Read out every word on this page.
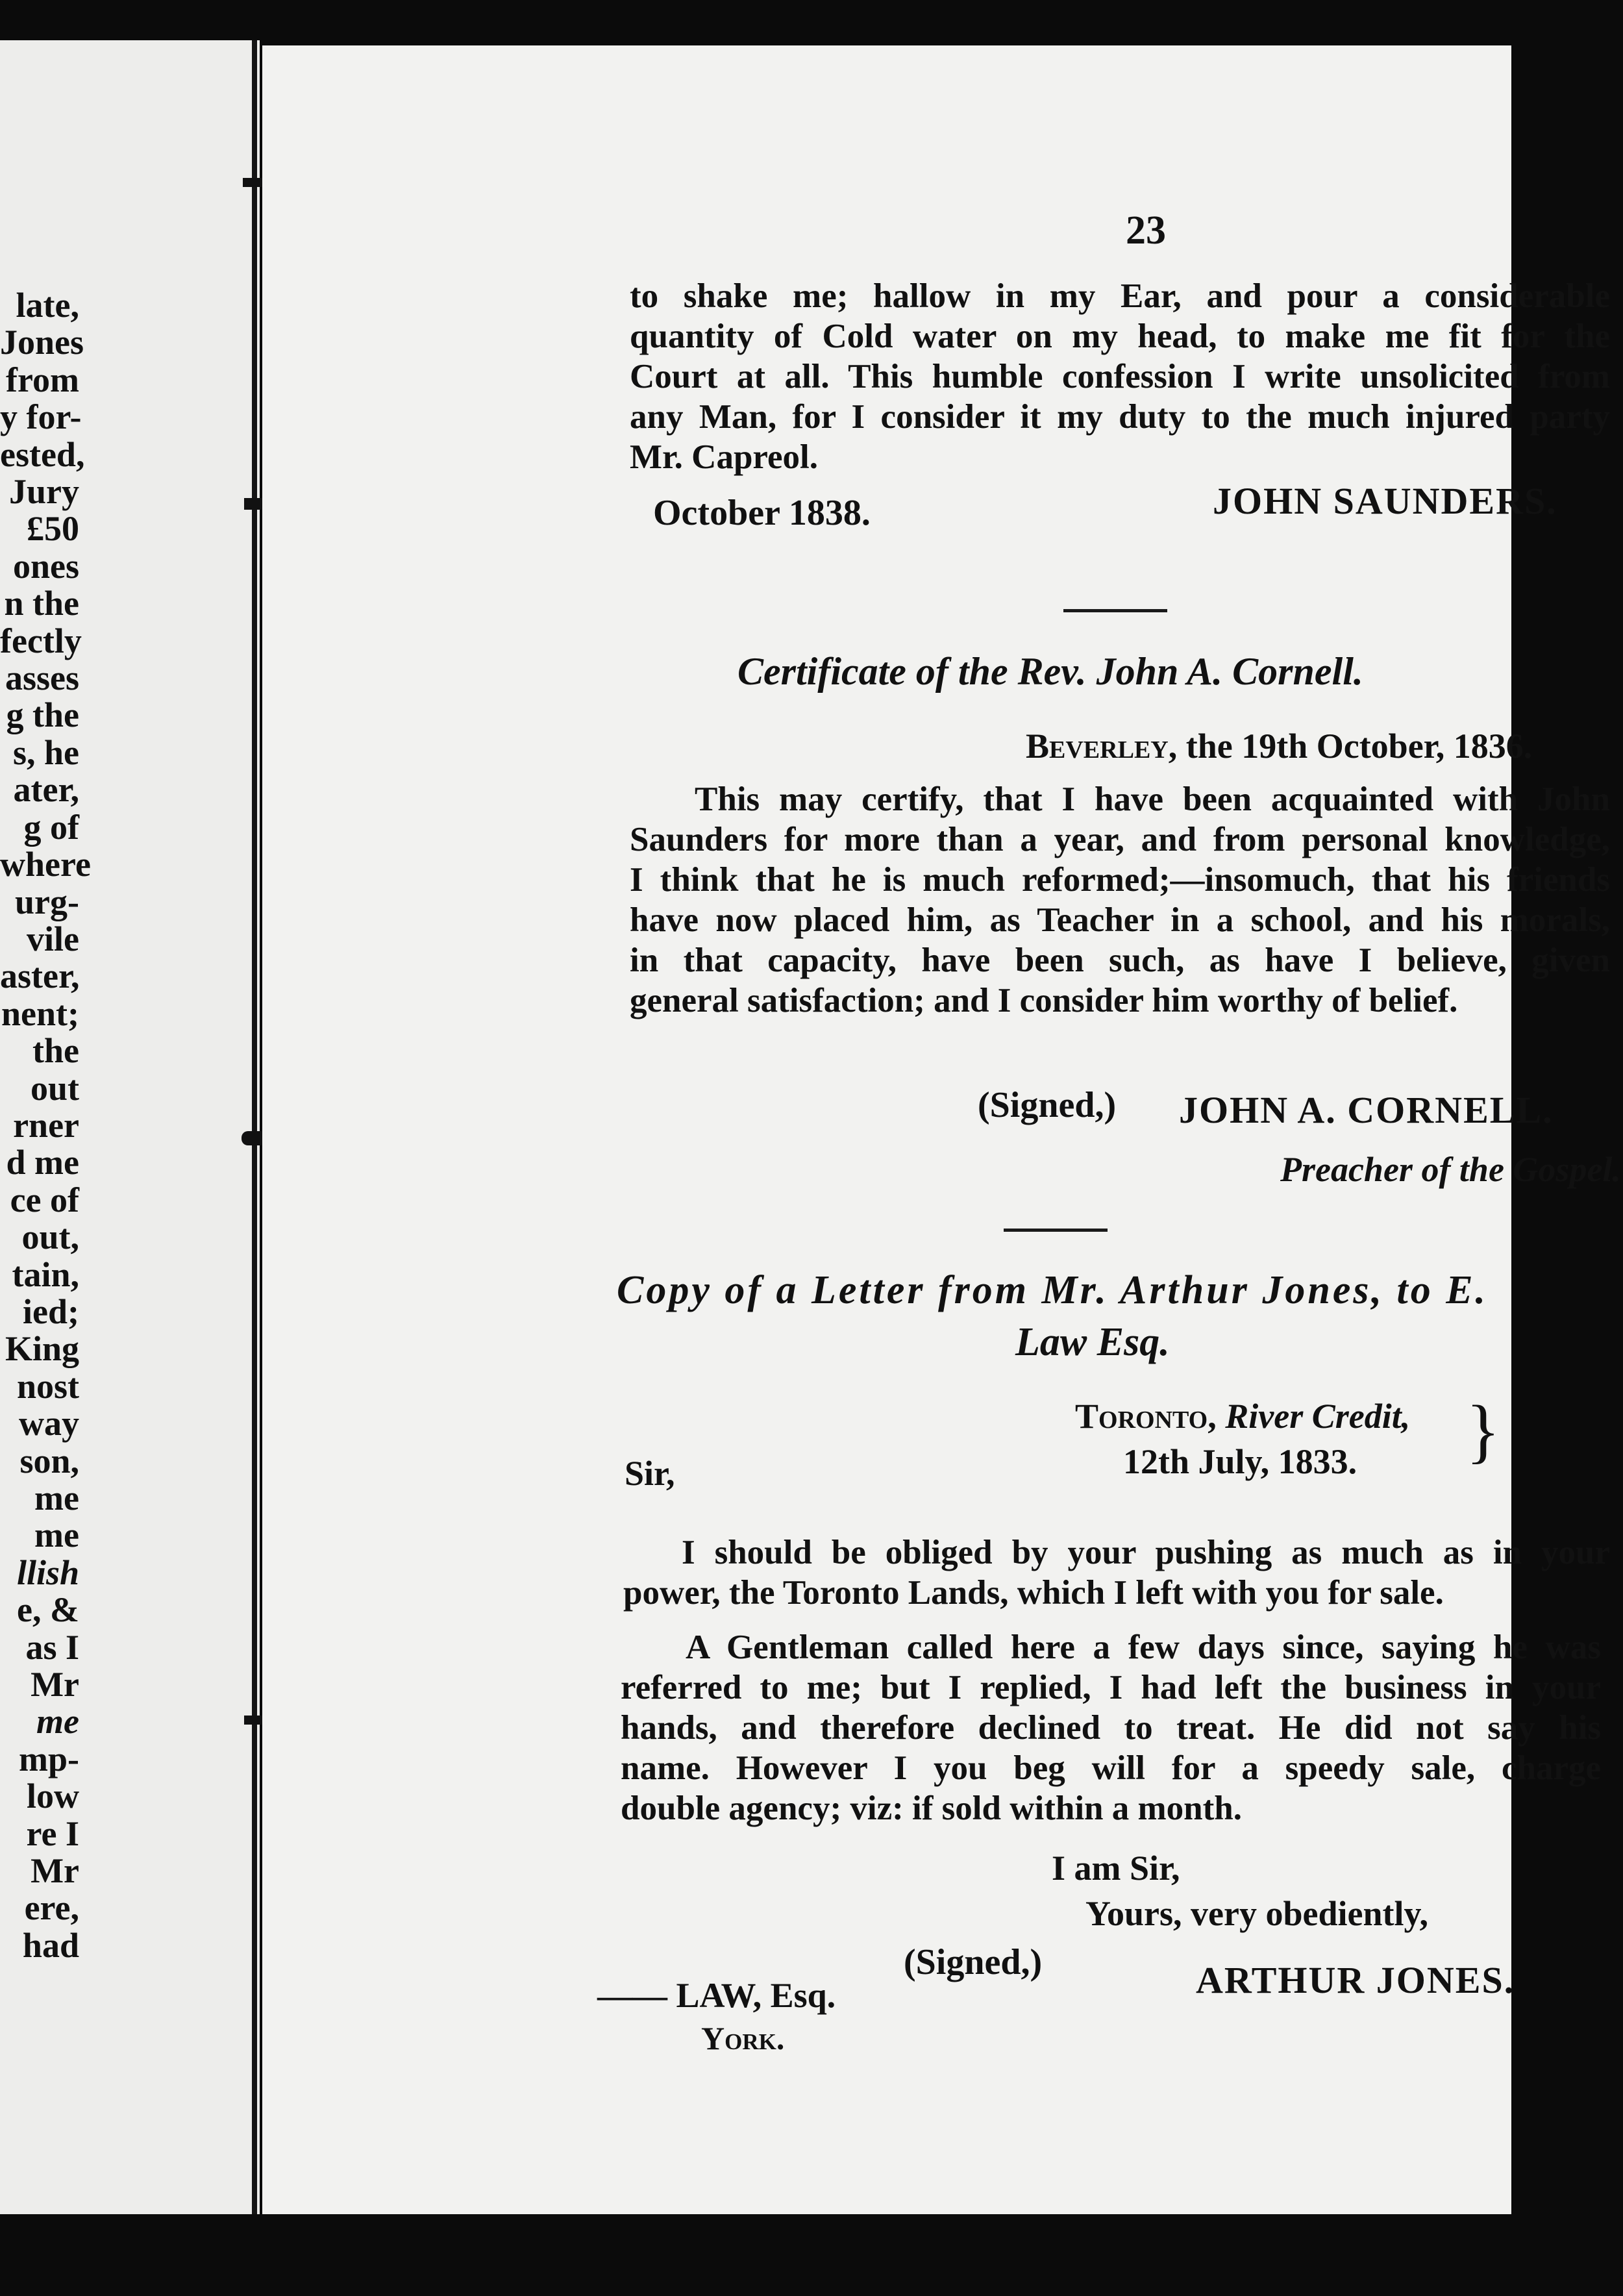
late,
Jones
from
y for-
ested,
Jury
£50
ones
n the
fectly
asses
g the
s, he
ater,
g of
where
urg-
vile
aster,
nent;
the
out
rner
d me
ce of
out,
tain,
ied;
King
nost
way
son,
me
me
llish
e, &
as I
Mr
me
mp-
low
re I
Mr
ere,
had
23
to shake me; hallow in my Ear, and pour a considerable
quantity of Cold water on my head, to make me fit for the
Court at all. This humble confession I write unsolicited from
any Man, for I consider it my duty to the much injured party
Mr. Capreol.
October 1838.	JOHN SAUNDERS.
Certificate of the Rev. John A. Cornell.
Beverley, the 19th October, 1836.
This may certify, that I have been acquainted with John
Saunders for more than a year, and from personal knowledge,
I think that he is much reformed;—insomuch, that his friends
have now placed him, as Teacher in a school, and his morals,
in that capacity, have been such, as have I believe, given
general satisfaction; and I consider him worthy of belief.
(Signed,) JOHN A. CORNELL.
Preacher of the Gospel.
Copy of a Letter from Mr. Arthur Jones, to E.
Law Esq.
Toronto, River Credit,
12th July, 1833. }
Sir,
I should be obliged by your pushing as much as in your
power, the Toronto Lands, which I left with you for sale.
A Gentleman called here a few days since, saying he was
referred to me; but I replied, I had left the business in your
hands, and therefore declined to treat. He did not say his
name. However I you beg will for a speedy sale, charge
double agency; viz: if sold within a month.
I am Sir,
Yours, very obediently,
(Signed,)	ARTHUR JONES.
—— LAW, Esq.
York.
